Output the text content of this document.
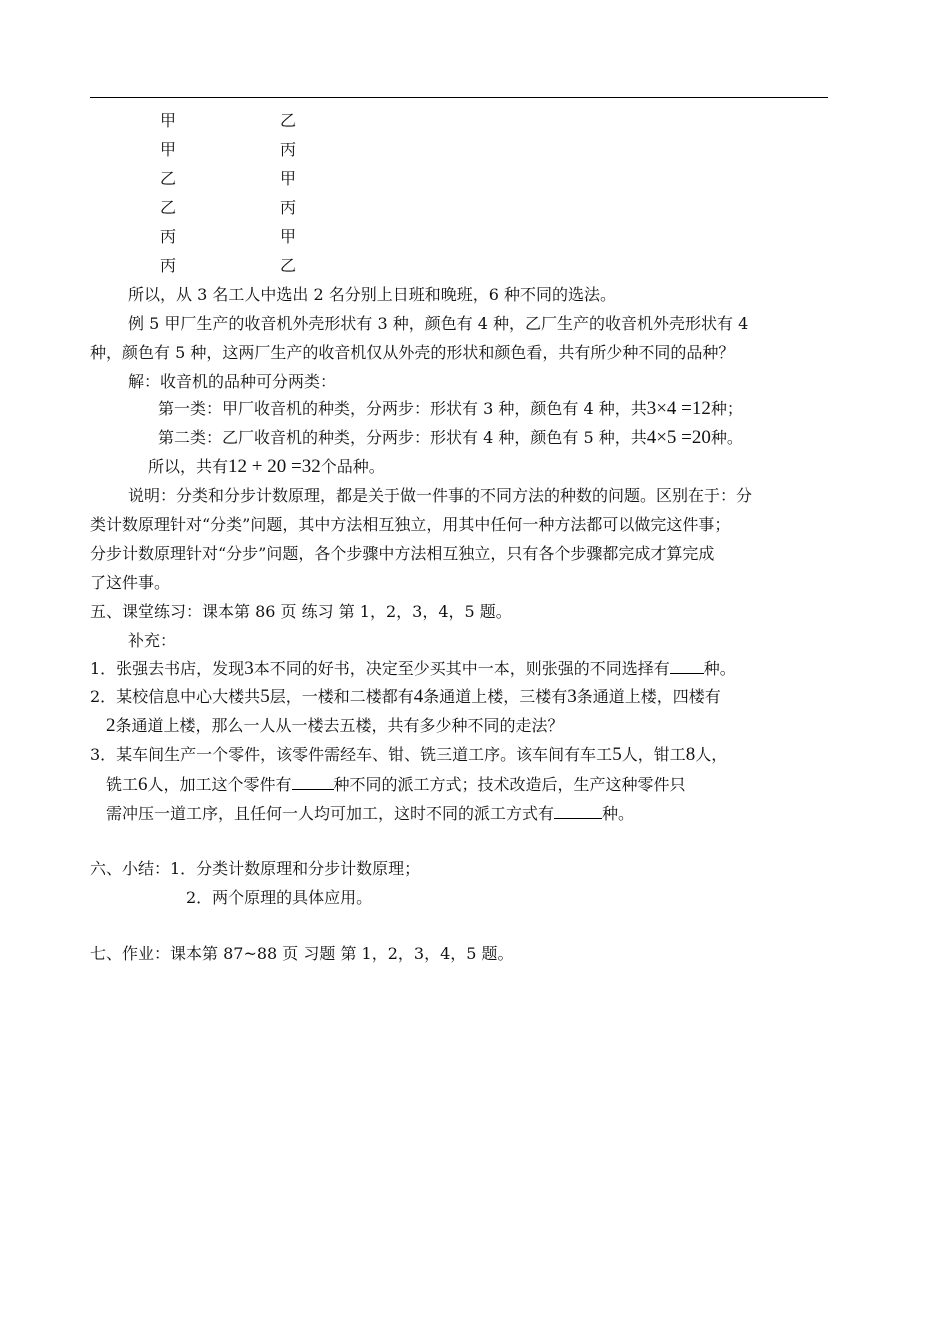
甲	乙
甲	丙
乙	甲
乙	丙
丙	甲
丙	乙
所以，从 3 名工人中选出 2 名分别上日班和晚班，6 种不同的选法。
例 5 甲厂生产的收音机外壳形状有 3 种，颜色有 4 种，乙厂生产的收音机外壳形状有 4
种，颜色有 5 种，这两厂生产的收音机仅从外壳的形状和颜色看，共有所少种不同的品种？
解：收音机的品种可分两类：
第一类：甲厂收音机的种类，分两步：形状有 3 种，颜色有 4 种，共3×4 =12种；
第二类：乙厂收音机的种类，分两步：形状有 4 种，颜色有 5 种，共4×5 =20种。
所以，共有12 + 20 =32个品种。
说明：分类和分步计数原理，都是关于做一件事的不同方法的种数的问题。区别在于：分
类计数原理针对“分类”问题，其中方法相互独立，用其中任何一种方法都可以做完这件事；
分步计数原理针对“分步”问题，各个步骤中方法相互独立，只有各个步骤都完成才算完成
了这件事。
五、课堂练习：课本第 86 页 练习 第 1，2，3，4，5 题。
补充：
1．张强去书店，发现3本不同的好书，决定至少买其中一本，则张强的不同选择有 种。
2．某校信息中心大楼共5层，一楼和二楼都有4条通道上楼，三楼有3条通道上楼，四楼有
2条通道上楼，那么一人从一楼去五楼，共有多少种不同的走法？
3．某车间生产一个零件，该零件需经车、钳、铣三道工序。该车间有车工5人，钳工8人，
铣工6人，加工这个零件有	种不同的派工方式；技术改造后，生产这种零件只
需冲压一道工序，且任何一人均可加工，这时不同的派工方式有	种。
六、小结：1．分类计数原理和分步计数原理；
2．两个原理的具体应用。
七、作业：课本第 87~88 页 习题 第 1，2，3，4，5 题。
